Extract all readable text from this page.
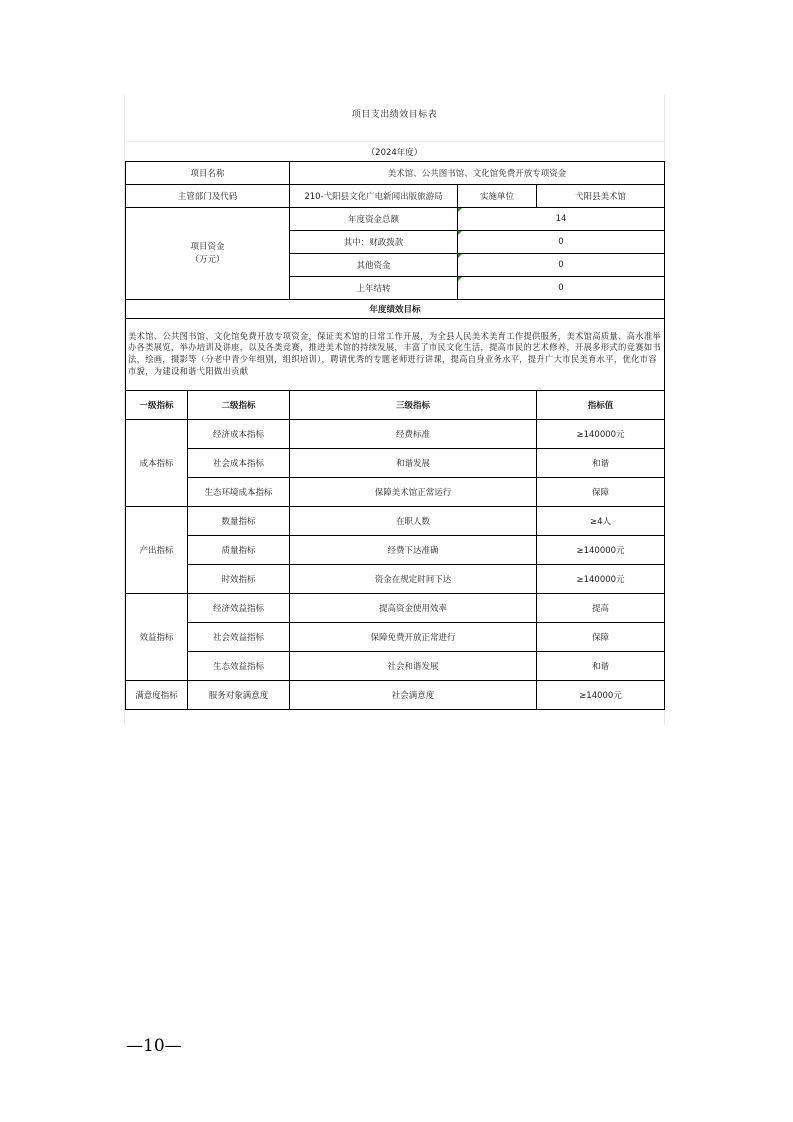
项目支出绩效目标表
（2024年度）
项目名称		美术馆、公共图书馆、文化馆免费开放专项资金		
主管部门及代码		210-弋阳县文化广电新闻出版旅游局	实施单位	弋阳县美术馆
项目资金
（万元）		年度资金总额	14	
		其中：财政拨款	0	
		其他资金	0	
		上年结转	0	
年度绩效目标				
美术馆、公共图书馆、文化馆免费开放专项资金，保证美术馆的日常工作开展，为全县人民美术美育工作提供服务，美术馆高质量、高水准举办各类展览，举办培训及讲座，以及各类竞赛，推进美术馆的持续发展，丰富了市民文化生活，提高市民的艺术修养，开展多形式的竞赛如书法，绘画，摄影等（分老中青少年组别，组织培训），聘请优秀的专题老师进行讲课，提高自身业务水平，提升广大市民美育水平，优化市容市貌，为建设和谐弋阳做出贡献				
一级指标	二级指标	三级指标		指标值
成本指标	经济成本指标	经费标准		≥140000元
	社会成本指标	和谐发展		和谐
	生态环境成本指标	保障美术馆正常运行		保障
产出指标	数量指标	在职人数		≥4人
	质量指标	经费下达准确		≥140000元
	时效指标	资金在规定时间下达		≥140000元
效益指标	经济效益指标	提高资金使用效率		提高
	社会效益指标	保障免费开放正常进行		保障
	生态效益指标	社会和谐发展		和谐
满意度指标	服务对象满意度	社会满意度		≥14000元
—10—
